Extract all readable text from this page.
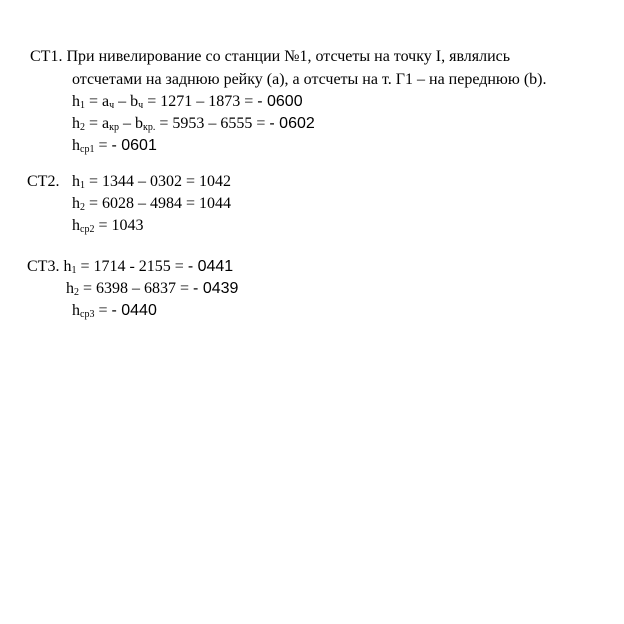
СТ1. При нивелирование со станции №1, отсчеты на точку I, являлись
отсчетами на заднюю рейку (а), а отсчеты на т. Г1 – на переднюю (b).
$h_1 = a_ч - b_ч = 1271 - 1873$ = - 0600
$h_2 = a_{кр} - b_{кр.} = 5953 - 6555$ = - 0602
$h_{ср1}$ = - 0601
СТ2. $h_1 = 1344 - 0302 = 1042$
$h_2 = 6028 - 4984 = 1044$
$h_{ср2} = 1043$
СТ3. $h_1 = 1714 - 2155$ = - 0441
$h_2 = 6398 - 6837$ = - 0439
$h_{ср3}$ = - 0440
